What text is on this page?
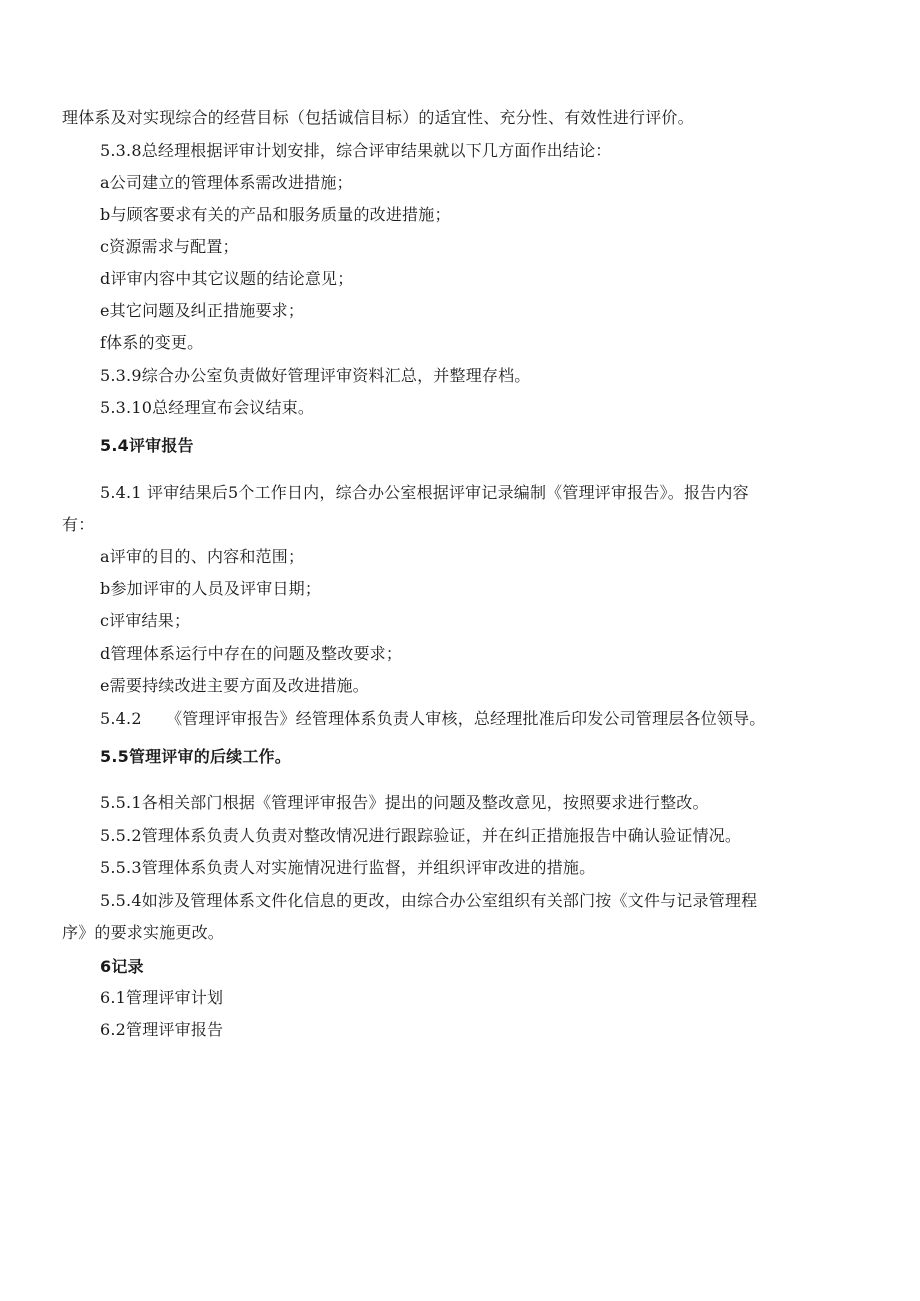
理体系及对实现综合的经营目标（包括诚信目标）的适宜性、充分性、有效性进行评价。
5.3.8总经理根据评审计划安排，综合评审结果就以下几方面作出结论：
a公司建立的管理体系需改进措施；
b与顾客要求有关的产品和服务质量的改进措施；
c资源需求与配置；
d评审内容中其它议题的结论意见；
e其它问题及纠正措施要求；
f体系的变更。
5.3.9综合办公室负责做好管理评审资料汇总，并整理存档。
5.3.10总经理宣布会议结束。
5.4评审报告
5.4.1 评审结果后5个工作日内，综合办公室根据评审记录编制《管理评审报告》。报告内容
有：
a评审的目的、内容和范围；
b参加评审的人员及评审日期；
c评审结果；
d管理体系运行中存在的问题及整改要求；
e需要持续改进主要方面及改进措施。
5.4.2　　《管理评审报告》经管理体系负责人审核，总经理批准后印发公司管理层各位领导。
5.5管理评审的后续工作。
5.5.1各相关部门根据《管理评审报告》提出的问题及整改意见，按照要求进行整改。
5.5.2管理体系负责人负责对整改情况进行跟踪验证，并在纠正措施报告中确认验证情况。
5.5.3管理体系负责人对实施情况进行监督，并组织评审改进的措施。
5.5.4如涉及管理体系文件化信息的更改，由综合办公室组织有关部门按《文件与记录管理程
序》的要求实施更改。
6记录
6.1管理评审计划
6.2管理评审报告
